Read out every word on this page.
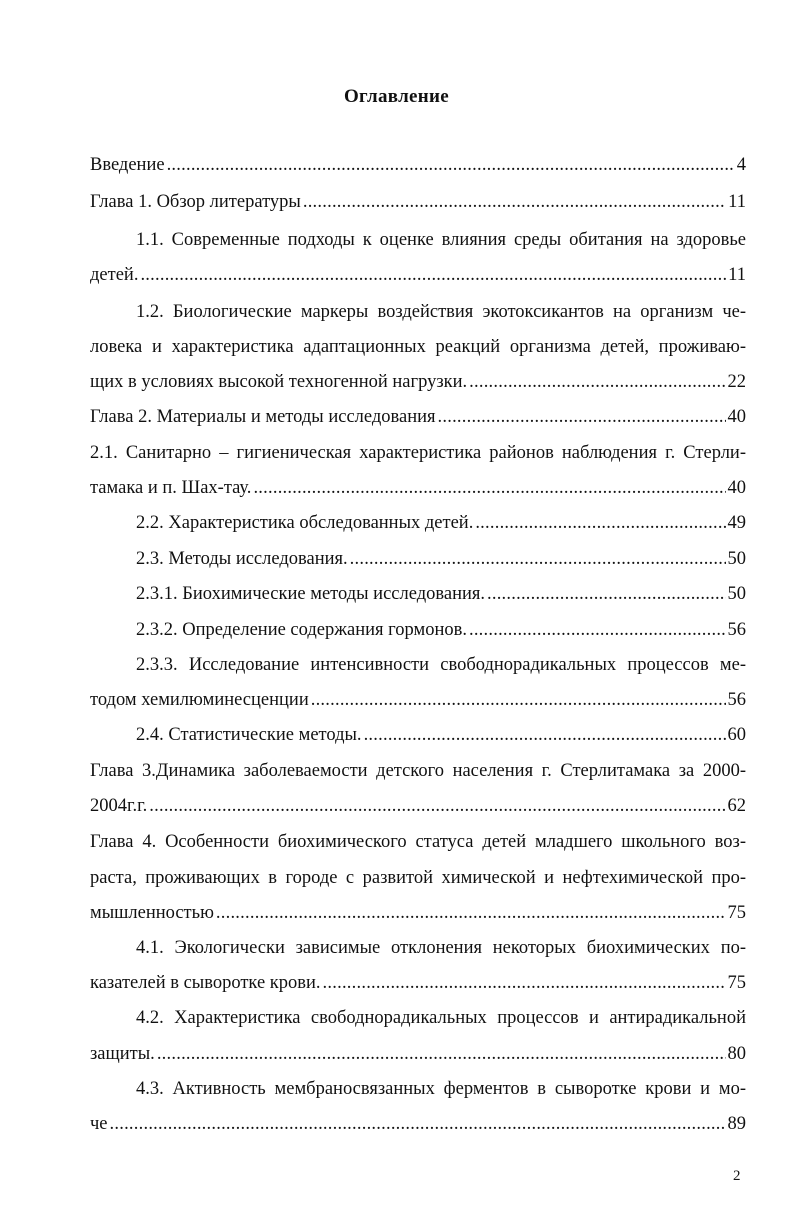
Оглавление
Введение . . .	4
Глава 1. Обзор литературы . . .	11
1.1. Современные подходы к оценке влияния среды обитания на здоровье
детей. . . .	11
1.2. Биологические маркеры воздействия экотоксикантов на организм че-
ловека и характеристика адаптационных реакций организма детей, проживаю-
щих в условиях высокой техногенной нагрузки. . . .	22
Глава 2. Материалы и методы исследования . . .	40
2.1. Санитарно – гигиеническая характеристика районов наблюдения г. Стерли-
тамака и п. Шах-тау. . . .	40
2.2. Характеристика обследованных детей. . . .	49
2.3. Методы исследования. . . .	50
2.3.1. Биохимические методы исследования. . . .	50
2.3.2. Определение содержания гормонов. . . .	56
2.3.3. Исследование интенсивности свободнорадикальных процессов ме-
тодом хемилюминесценции . . .	56
2.4. Статистические методы. . . .	60
Глава 3.Динамика заболеваемости детского населения г. Стерлитамака за 2000-
2004г.г. . . .	62
Глава 4. Особенности биохимического статуса детей младшего школьного воз-
раста, проживающих в городе с развитой химической и нефтехимической про-
мышленностью . . .	75
4.1. Экологически зависимые отклонения некоторых биохимических по-
казателей в сыворотке крови. . . .	75
4.2. Характеристика свободнорадикальных процессов и антирадикальной
защиты. . . .	80
4.3. Активность мембраносвязанных ферментов в сыворотке крови и мо-
че . . .	89
2
